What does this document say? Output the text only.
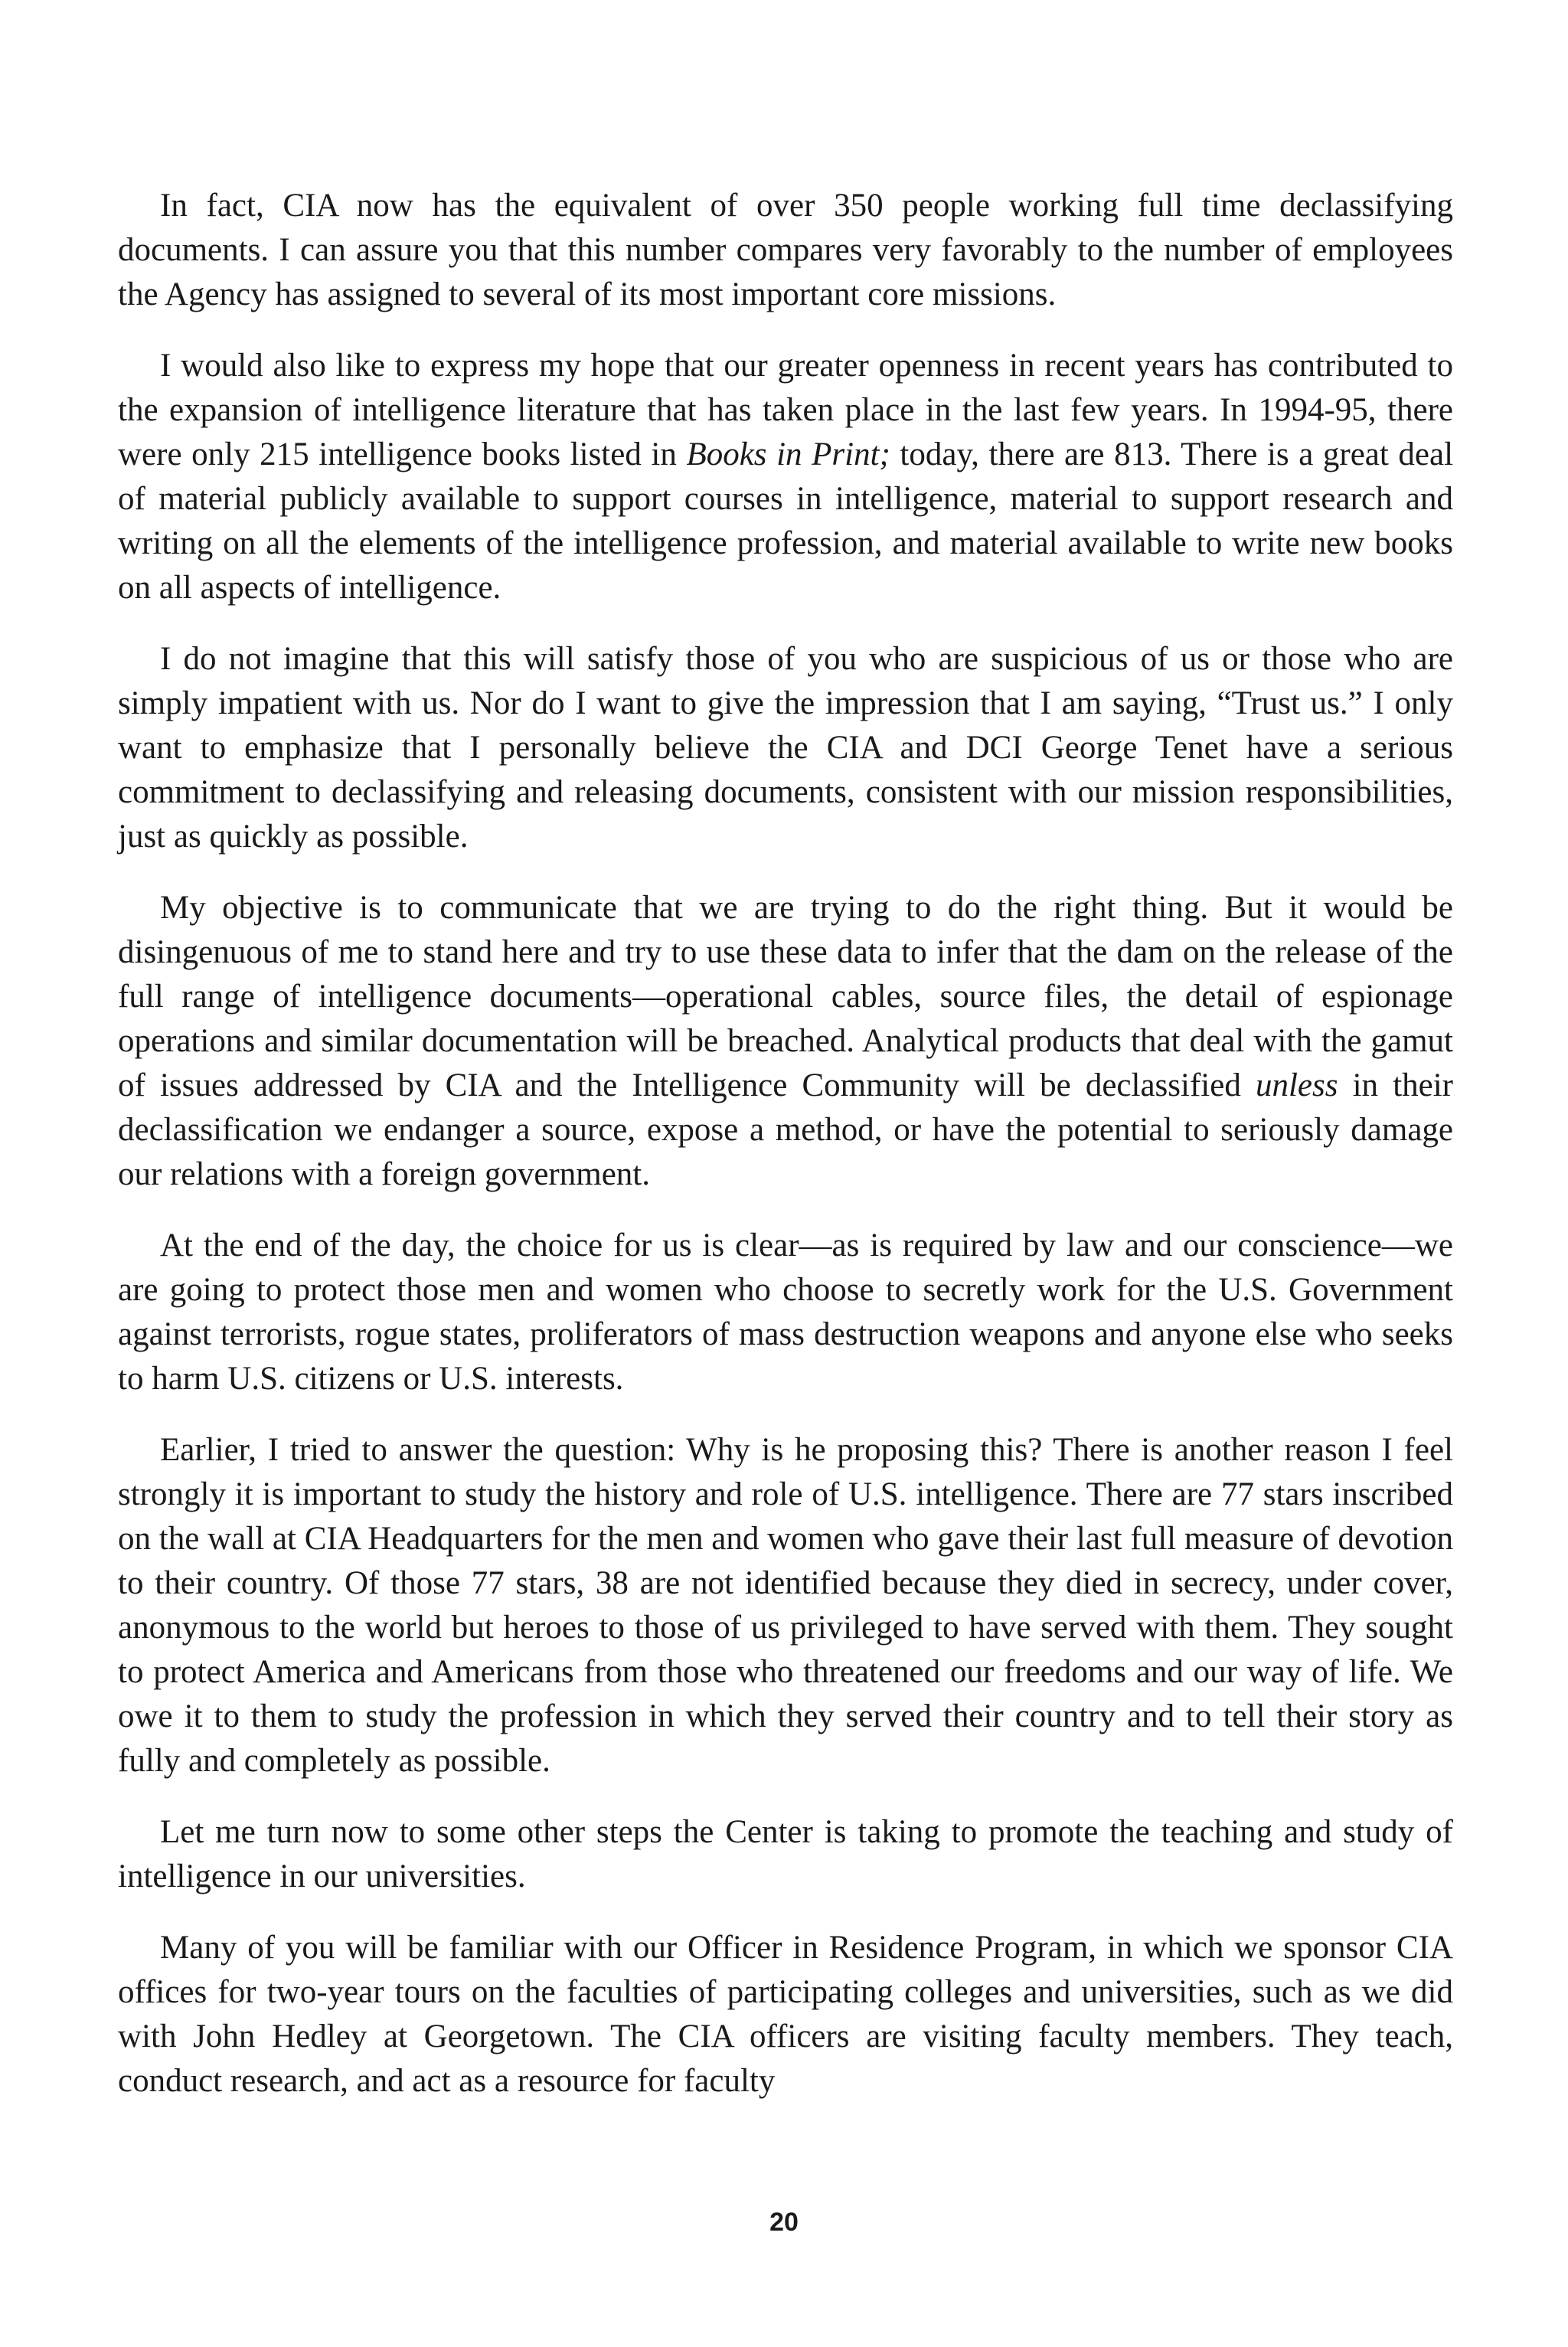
In fact, CIA now has the equivalent of over 350 people working full time declassifying documents. I can assure you that this number compares very favorably to the number of employees the Agency has assigned to several of its most important core missions.

I would also like to express my hope that our greater openness in recent years has contributed to the expansion of intelligence literature that has taken place in the last few years. In 1994-95, there were only 215 intelligence books listed in Books in Print; today, there are 813. There is a great deal of material publicly available to support courses in intelligence, material to support research and writing on all the elements of the intelligence profession, and material available to write new books on all aspects of intelligence.

I do not imagine that this will satisfy those of you who are suspicious of us or those who are simply impatient with us. Nor do I want to give the impression that I am saying, “Trust us.” I only want to emphasize that I personally believe the CIA and DCI George Tenet have a serious commitment to declassifying and releasing documents, consistent with our mission responsibilities, just as quickly as possible.

My objective is to communicate that we are trying to do the right thing. But it would be disingenuous of me to stand here and try to use these data to infer that the dam on the release of the full range of intelligence documents—operational cables, source files, the detail of espionage operations and similar documentation will be breached. Analytical products that deal with the gamut of issues addressed by CIA and the Intelligence Community will be declassified unless in their declassification we endanger a source, expose a method, or have the potential to seriously damage our relations with a foreign government.

At the end of the day, the choice for us is clear—as is required by law and our conscience—we are going to protect those men and women who choose to secretly work for the U.S. Government against terrorists, rogue states, proliferators of mass destruction weapons and anyone else who seeks to harm U.S. citizens or U.S. interests.

Earlier, I tried to answer the question: Why is he proposing this? There is another reason I feel strongly it is important to study the history and role of U.S. intelligence. There are 77 stars inscribed on the wall at CIA Headquarters for the men and women who gave their last full measure of devotion to their country. Of those 77 stars, 38 are not identified because they died in secrecy, under cover, anonymous to the world but heroes to those of us privileged to have served with them. They sought to protect America and Americans from those who threatened our freedoms and our way of life. We owe it to them to study the profession in which they served their country and to tell their story as fully and completely as possible.

Let me turn now to some other steps the Center is taking to promote the teaching and study of intelligence in our universities.

Many of you will be familiar with our Officer in Residence Program, in which we sponsor CIA offices for two-year tours on the faculties of participating colleges and universities, such as we did with John Hedley at Georgetown. The CIA officers are visiting faculty members. They teach, conduct research, and act as a resource for faculty

20
